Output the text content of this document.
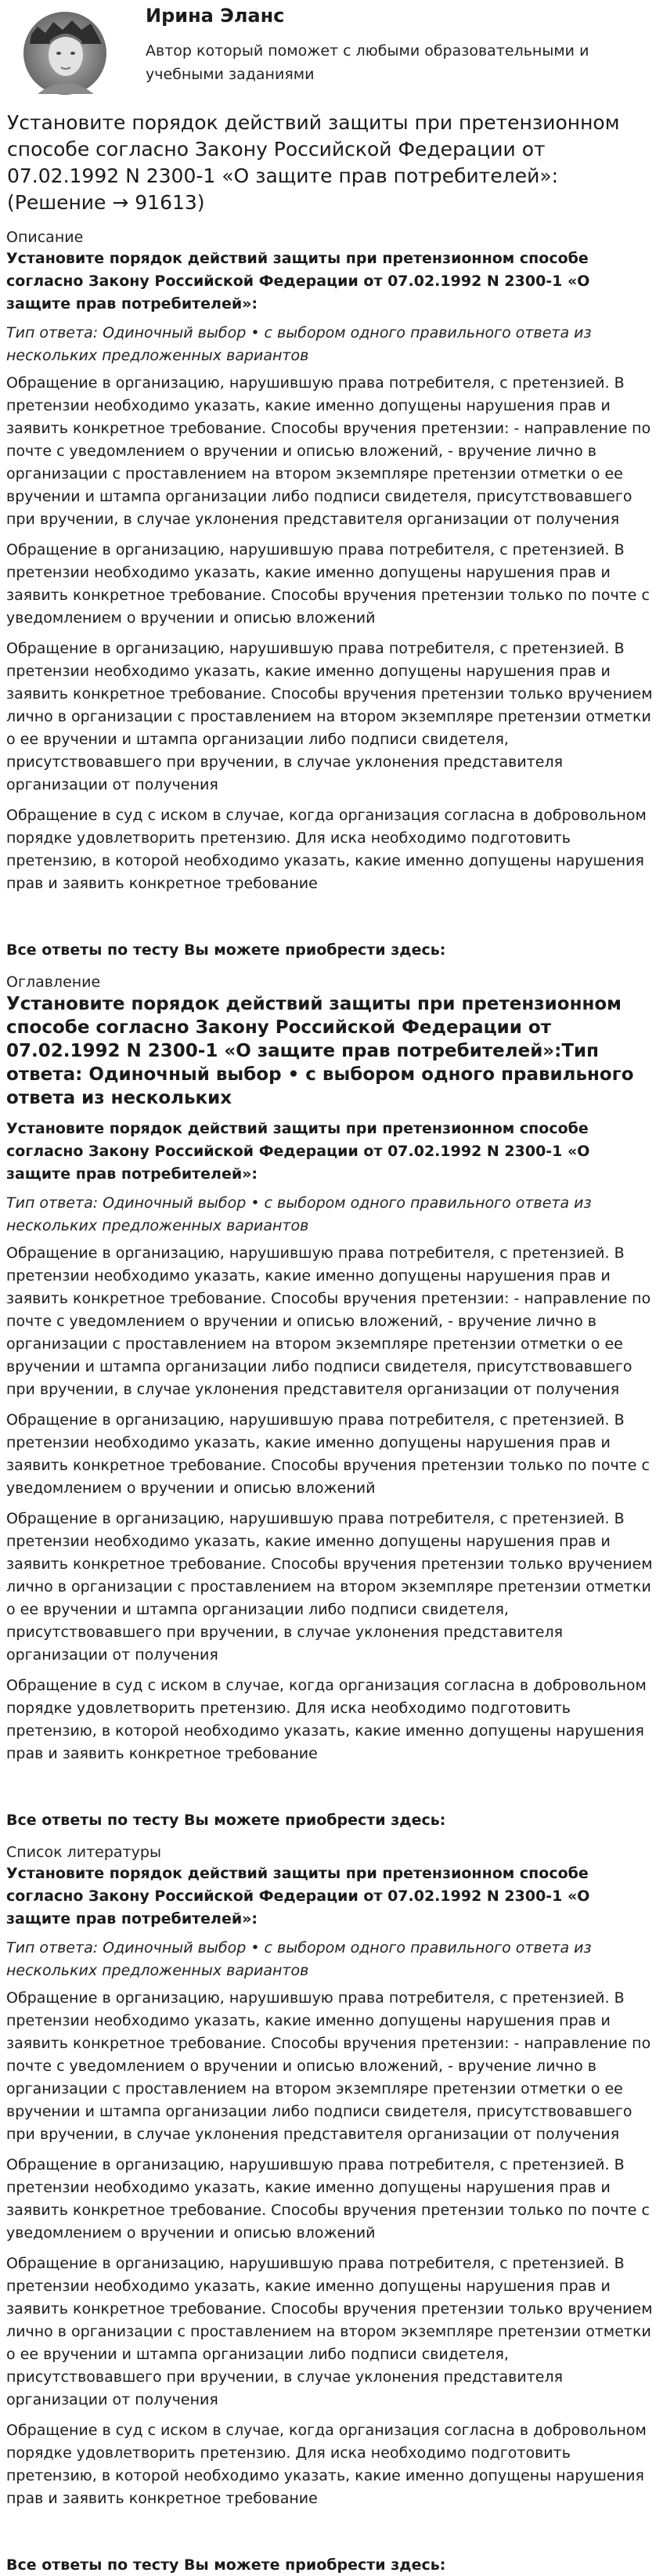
Ирина Эланс
Автор который поможет с любыми образовательными и учебными заданиями
Установите порядок действий защиты при претензионном способе согласно Закону Российской Федерации от 07.02.1992 N 2300-1 «О защите прав потребителей»: (Решение → 91613)
Описание

Установите порядок действий защиты при претензионном способе согласно Закону Российской Федерации от 07.02.1992 N 2300-1 «О защите прав потребителей»:

Тип ответа: Одиночный выбор • с выбором одного правильного ответа из нескольких предложенных вариантов

Обращение в организацию, нарушившую права потребителя, с претензией. В претензии необходимо указать, какие именно допущены нарушения прав и заявить конкретное требование. Способы вручения претензии: - направление по почте с уведомлением о вручении и описью вложений, - вручение лично в организации с проставлением на втором экземпляре претензии отметки о ее вручении и штампа организации либо подписи свидетеля, присутствовавшего при вручении, в случае уклонения представителя организации от получения

Обращение в организацию, нарушившую права потребителя, с претензией. В претензии необходимо указать, какие именно допущены нарушения прав и заявить конкретное требование. Способы вручения претензии только по почте с уведомлением о вручении и описью вложений

Обращение в организацию, нарушившую права потребителя, с претензией. В претензии необходимо указать, какие именно допущены нарушения прав и заявить конкретное требование. Способы вручения претензии только вручением лично в организации с проставлением на втором экземпляре претензии отметки о ее вручении и штампа организации либо подписи свидетеля, присутствовавшего при вручении, в случае уклонения представителя организации от получения

Обращение в суд с иском в случае, когда организация согласна в добровольном порядке удовлетворить претензию. Для иска необходимо подготовить претензию, в которой необходимо указать, какие именно допущены нарушения прав и заявить конкретное требование

Все ответы по тесту Вы можете приобрести здесь:

Оглавление

Установите порядок действий защиты при претензионном способе согласно Закону Российской Федерации от 07.02.1992 N 2300-1 «О защите прав потребителей»:Тип ответа: Одиночный выбор • с выбором одного правильного ответа из нескольких

Установите порядок действий защиты при претензионном способе согласно Закону Российской Федерации от 07.02.1992 N 2300-1 «О защите прав потребителей»:

Тип ответа: Одиночный выбор • с выбором одного правильного ответа из нескольких предложенных вариантов

Обращение в организацию, нарушившую права потребителя, с претензией. В претензии необходимо указать, какие именно допущены нарушения прав и заявить конкретное требование. Способы вручения претензии: - направление по почте с уведомлением о вручении и описью вложений, - вручение лично в организации с проставлением на втором экземпляре претензии отметки о ее вручении и штампа организации либо подписи свидетеля, присутствовавшего при вручении, в случае уклонения представителя организации от получения

Обращение в организацию, нарушившую права потребителя, с претензией. В претензии необходимо указать, какие именно допущены нарушения прав и заявить конкретное требование. Способы вручения претензии только по почте с уведомлением о вручении и описью вложений

Обращение в организацию, нарушившую права потребителя, с претензией. В претензии необходимо указать, какие именно допущены нарушения прав и заявить конкретное требование. Способы вручения претензии только вручением лично в организации с проставлением на втором экземпляре претензии отметки о ее вручении и штампа организации либо подписи свидетеля, присутствовавшего при вручении, в случае уклонения представителя организации от получения

Обращение в суд с иском в случае, когда организация согласна в добровольном порядке удовлетворить претензию. Для иска необходимо подготовить претензию, в которой необходимо указать, какие именно допущены нарушения прав и заявить конкретное требование

Все ответы по тесту Вы можете приобрести здесь:

Список литературы

Установите порядок действий защиты при претензионном способе согласно Закону Российской Федерации от 07.02.1992 N 2300-1 «О защите прав потребителей»:

Тип ответа: Одиночный выбор • с выбором одного правильного ответа из нескольких предложенных вариантов

Обращение в организацию, нарушившую права потребителя, с претензией. В претензии необходимо указать, какие именно допущены нарушения прав и заявить конкретное требование. Способы вручения претензии: - направление по почте с уведомлением о вручении и описью вложений, - вручение лично в организации с проставлением на втором экземпляре претензии отметки о ее вручении и штампа организации либо подписи свидетеля, присутствовавшего при вручении, в случае уклонения представителя организации от получения

Обращение в организацию, нарушившую права потребителя, с претензией. В претензии необходимо указать, какие именно допущены нарушения прав и заявить конкретное требование. Способы вручения претензии только по почте с уведомлением о вручении и описью вложений

Обращение в организацию, нарушившую права потребителя, с претензией. В претензии необходимо указать, какие именно допущены нарушения прав и заявить конкретное требование. Способы вручения претензии только вручением лично в организации с проставлением на втором экземпляре претензии отметки о ее вручении и штампа организации либо подписи свидетеля, присутствовавшего при вручении, в случае уклонения представителя организации от получения

Обращение в суд с иском в случае, когда организация согласна в добровольном порядке удовлетворить претензию. Для иска необходимо подготовить претензию, в которой необходимо указать, какие именно допущены нарушения прав и заявить конкретное требование

Все ответы по тесту Вы можете приобрести здесь:
